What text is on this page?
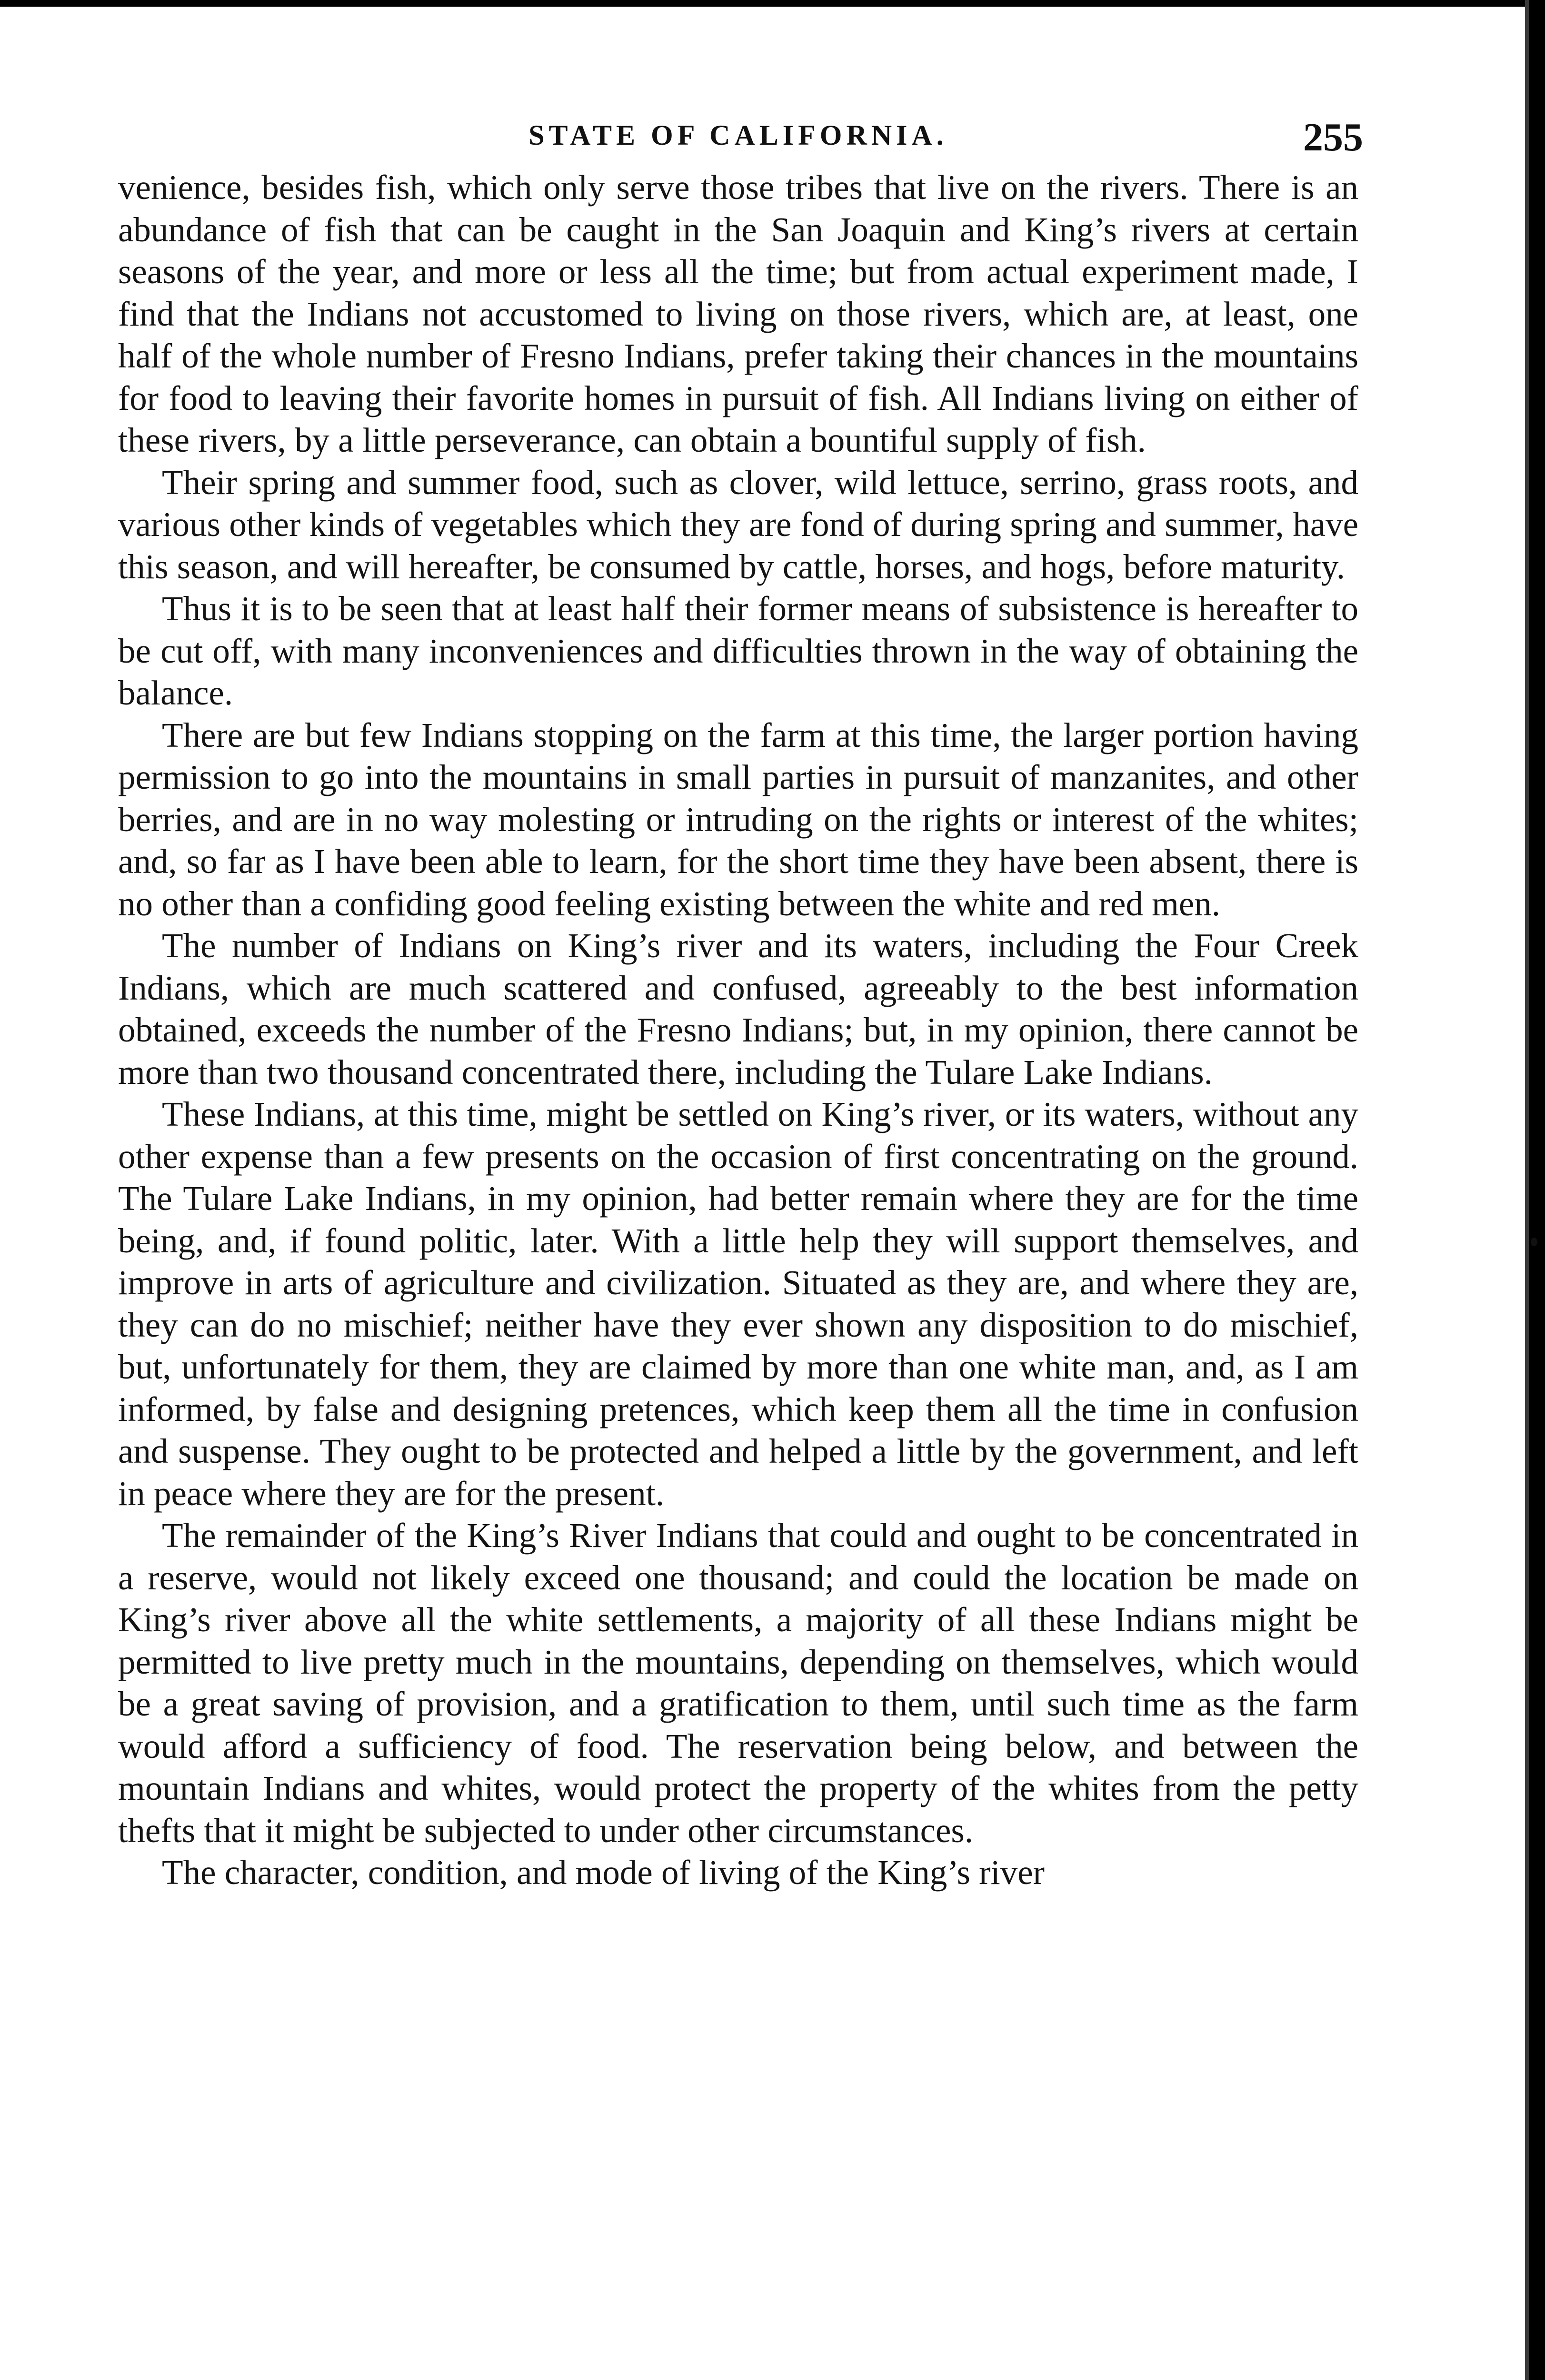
STATE OF CALIFORNIA.	255

venience, besides fish, which only serve those tribes that live on the rivers. There is an abundance of fish that can be caught in the San Joaquin and King’s rivers at certain seasons of the year, and more or less all the time; but from actual experiment made, I find that the Indians not accustomed to living on those rivers, which are, at least, one half of the whole number of Fresno Indians, prefer taking their chances in the mountains for food to leaving their favorite homes in pursuit of fish. All Indians living on either of these rivers, by a little perseverance, can obtain a bountiful supply of fish.

Their spring and summer food, such as clover, wild lettuce, serrino, grass roots, and various other kinds of vegetables which they are fond of during spring and summer, have this season, and will hereafter, be consumed by cattle, horses, and hogs, before maturity.

Thus it is to be seen that at least half their former means of subsistence is hereafter to be cut off, with many inconveniences and difficulties thrown in the way of obtaining the balance.

There are but few Indians stopping on the farm at this time, the larger portion having permission to go into the mountains in small parties in pursuit of manzanites, and other berries, and are in no way molesting or intruding on the rights or interest of the whites; and, so far as I have been able to learn, for the short time they have been absent, there is no other than a confiding good feeling existing between the white and red men.

The number of Indians on King’s river and its waters, including the Four Creek Indians, which are much scattered and confused, agreeably to the best information obtained, exceeds the number of the Fresno Indians; but, in my opinion, there cannot be more than two thousand concentrated there, including the Tulare Lake Indians.

These Indians, at this time, might be settled on King’s river, or its waters, without any other expense than a few presents on the occasion of first concentrating on the ground. The Tulare Lake Indians, in my opinion, had better remain where they are for the time being, and, if found politic, later. With a little help they will support themselves, and improve in arts of agriculture and civilization. Situated as they are, and where they are, they can do no mischief; neither have they ever shown any disposition to do mischief, but, unfortunately for them, they are claimed by more than one white man, and, as I am informed, by false and designing pretences, which keep them all the time in confusion and suspense. They ought to be protected and helped a little by the government, and left in peace where they are for the present.

The remainder of the King’s River Indians that could and ought to be concentrated in a reserve, would not likely exceed one thousand; and could the location be made on King’s river above all the white settlements, a majority of all these Indians might be permitted to live pretty much in the mountains, depending on themselves, which would be a great saving of provision, and a gratification to them, until such time as the farm would afford a sufficiency of food. The reservation being below, and between the mountain Indians and whites, would protect the property of the whites from the petty thefts that it might be subjected to under other circumstances.

The character, condition, and mode of living of the King’s river
